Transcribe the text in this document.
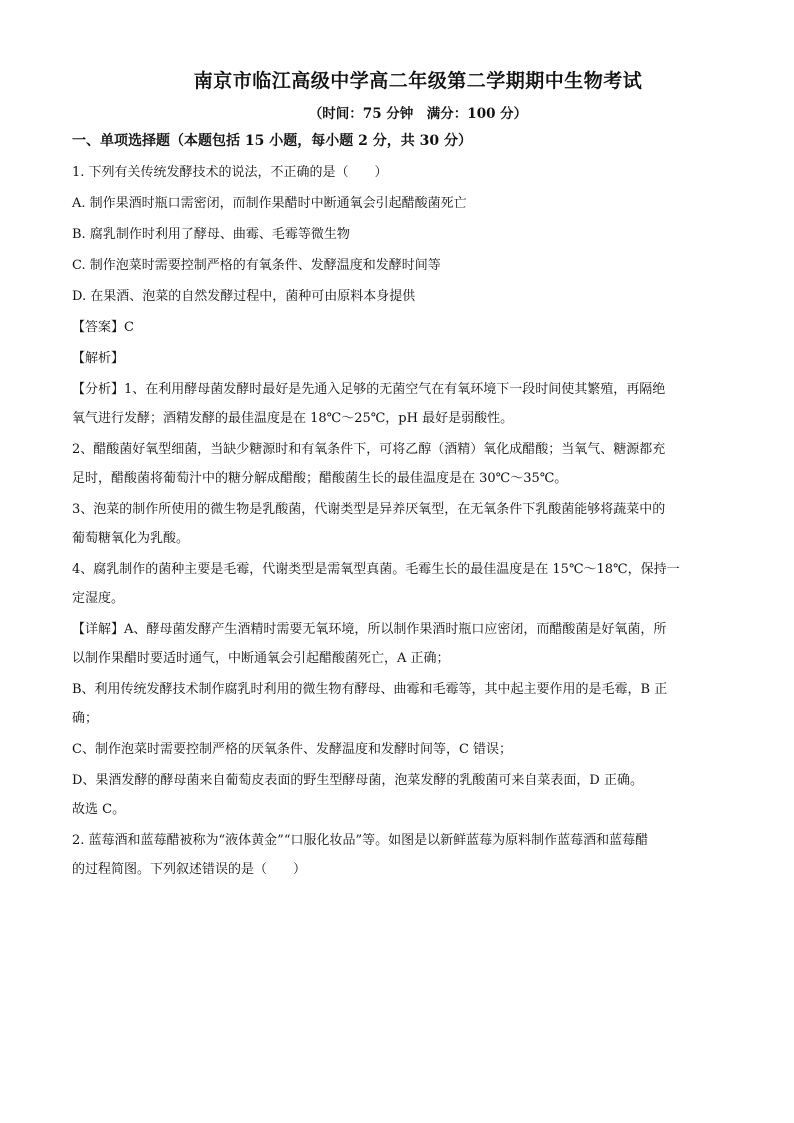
南京市临江高级中学高二年级第二学期期中生物考试

（时间：75 分钟　满分：100 分）

一、单项选择题（本题包括 15 小题，每小题 2 分，共 30 分）

1. 下列有关传统发酵技术的说法，不正确的是（　　）

A. 制作果酒时瓶口需密闭，而制作果醋时中断通氧会引起醋酸菌死亡

B. 腐乳制作时利用了酵母、曲霉、毛霉等微生物

C. 制作泡菜时需要控制严格的有氧条件、发酵温度和发酵时间等

D. 在果酒、泡菜的自然发酵过程中，菌种可由原料本身提供

【答案】C

【解析】

【分析】1、在利用酵母菌发酵时最好是先通入足够的无菌空气在有氧环境下一段时间使其繁殖，再隔绝

氧气进行发酵；酒精发酵的最佳温度是在 18℃～25℃，pH 最好是弱酸性。

2、醋酸菌好氧型细菌，当缺少糖源时和有氧条件下，可将乙醇（酒精）氧化成醋酸；当氧气、糖源都充

足时，醋酸菌将葡萄汁中的糖分解成醋酸；醋酸菌生长的最佳温度是在 30℃～35℃。

3、泡菜的制作所使用的微生物是乳酸菌，代谢类型是异养厌氧型，在无氧条件下乳酸菌能够将蔬菜中的

葡萄糖氧化为乳酸。

4、腐乳制作的菌种主要是毛霉，代谢类型是需氧型真菌。毛霉生长的最佳温度是在 15℃～18℃，保持一

定湿度。

【详解】A、酵母菌发酵产生酒精时需要无氧环境，所以制作果酒时瓶口应密闭，而醋酸菌是好氧菌，所

以制作果醋时要适时通气，中断通氧会引起醋酸菌死亡，A 正确；

B、利用传统发酵技术制作腐乳时利用的微生物有酵母、曲霉和毛霉等，其中起主要作用的是毛霉，B 正

确；

C、制作泡菜时需要控制严格的厌氧条件、发酵温度和发酵时间等，C 错误；

D、果酒发酵的酵母菌来自葡萄皮表面的野生型酵母菌，泡菜发酵的乳酸菌可来自菜表面，D 正确。

故选 C。

2. 蓝莓酒和蓝莓醋被称为“液体黄金”“口服化妆品”等。如图是以新鲜蓝莓为原料制作蓝莓酒和蓝莓醋

的过程简图。下列叙述错误的是（　　）
